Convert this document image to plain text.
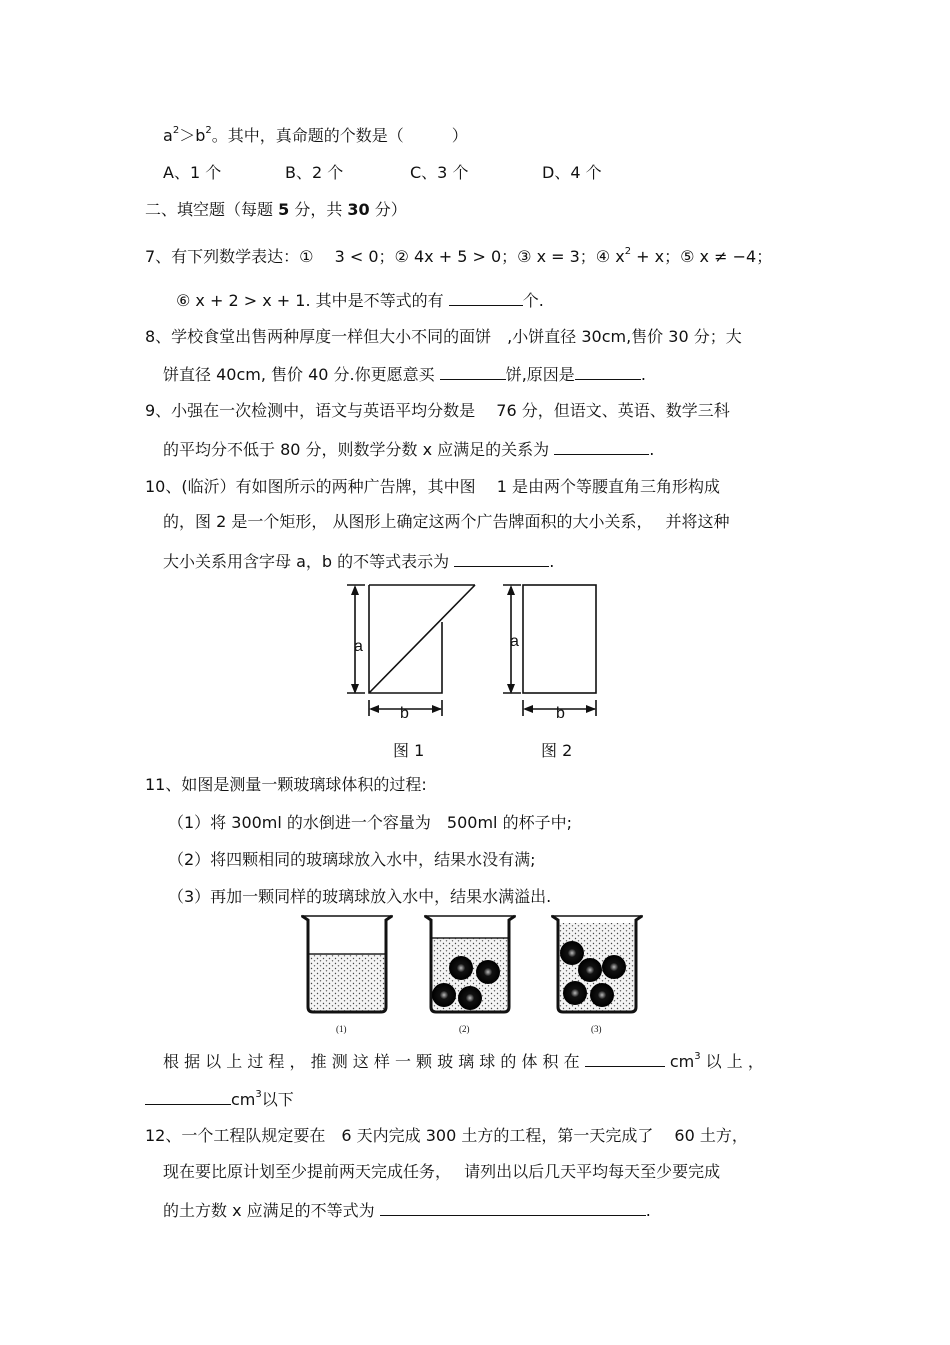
$a^2>b^2$。其中，真命题的个数是（　　　）
A、1 个	B、2 个	C、3 个	D、4 个
二、填空题（每题 5 分，共 30 分）
7、有下列数学表达：①　 3 < 0；② 4x + 5 > 0；③ x = 3；④ $x^2 + x$；⑤ x ≠ −4；
⑥ x + 2 > x + 1. 其中是不等式的有	个.
8、学校食堂出售两种厚度一样但大小不同的面饼　,小饼直径 30cm,售价 30 分；大
饼直径 40cm, 售价 40 分.你更愿意买	饼,原因是	.
9、小强在一次检测中，语文与英语平均分数是　 76 分，但语文、英语、数学三科
的平均分不低于 80 分，则数学分数 x 应满足的关系为	.
10、(临沂）有如图所示的两种广告牌，其中图　 1 是由两个等腰直角三角形构成
的，图 2 是一个矩形， 从图形上确定这两个广告牌面积的大小关系，　 并将这种
大小关系用含字母 a，b 的不等式表示为	.
a
b
图 1
a
b
图 2
11、如图是测量一颗玻璃球体积的过程:
（1）将 300ml 的水倒进一个容量为　500ml 的杯子中;
（2）将四颗相同的玻璃球放入水中，结果水没有满;
（3）再加一颗同样的玻璃球放入水中，结果水满溢出.
(1)	(2)	(3)
根 据 以 上 过 程 ， 推 测 这 样 一 颗 玻 璃 球 的 体 积 在	$cm^3$ 以 上 ，
$cm^3$以下
12、一个工程队规定要在　6 天内完成 300 土方的工程，第一天完成了　 60 土方，
现在要比原计划至少提前两天完成任务，　 请列出以后几天平均每天至少要完成
的土方数 x 应满足的不等式为	.
